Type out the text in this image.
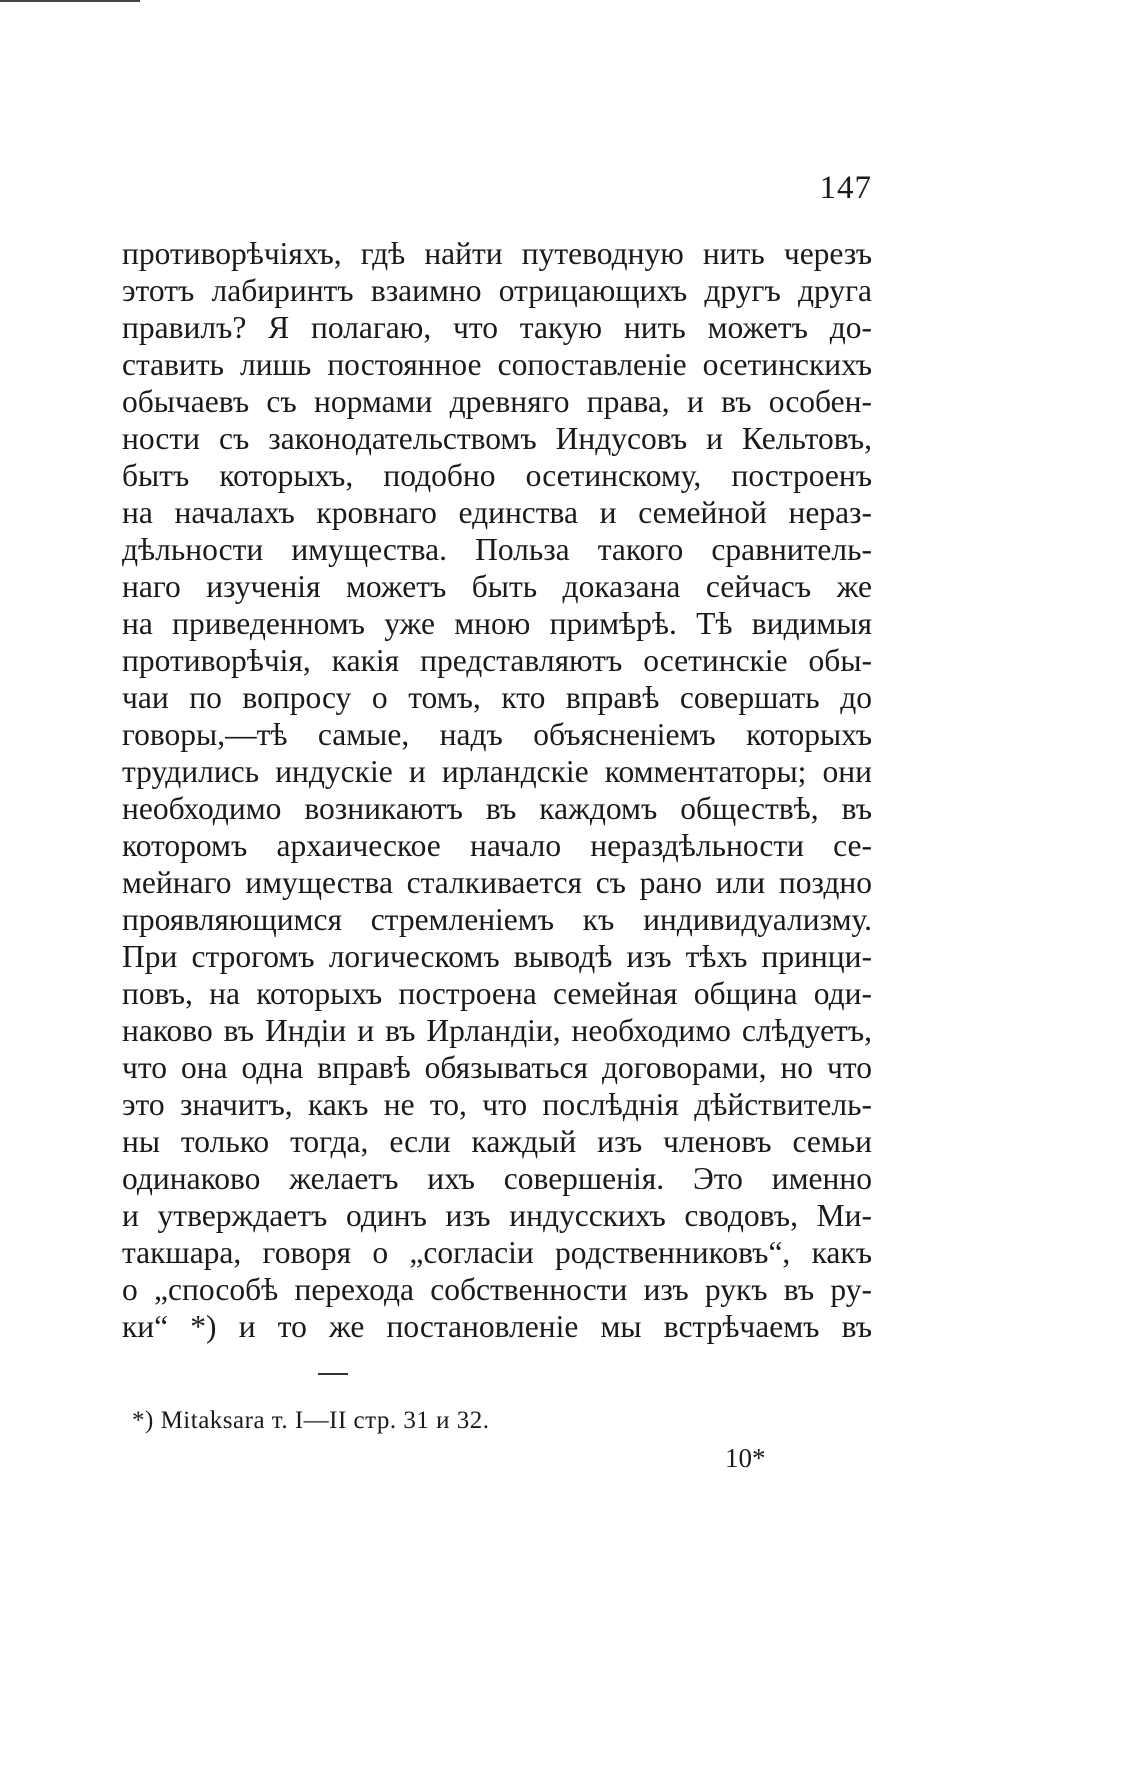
147
противорѣчіяхъ, гдѣ найти путеводную нить черезъ
этотъ лабиринтъ взаимно отрицающихъ другъ друга
правилъ? Я полагаю, что такую нить можетъ до-
ставить лишь постоянное сопоставленіе осетинскихъ
обычаевъ съ нормами древняго права, и въ особен-
ности съ законодательствомъ Индусовъ и Кельтовъ,
бытъ которыхъ, подобно осетинскому, построенъ
на началахъ кровнаго единства и семейной нераз-
дѣльности имущества. Польза такого сравнитель-
наго изученія можетъ быть доказана сейчасъ же
на приведенномъ уже мною примѣрѣ. Тѣ видимыя
противорѣчія, какія представляютъ осетинскіе обы-
чаи по вопросу о томъ, кто вправѣ совершать до
говоры,—тѣ самые, надъ объясненіемъ которыхъ
трудились индускіе и ирландскіе комментаторы; они
необходимо возникаютъ въ каждомъ обществѣ, въ
которомъ архаическое начало нераздѣльности се-
мейнаго имущества сталкивается съ рано или поздно
проявляющимся стремленіемъ къ индивидуализму.
При строгомъ логическомъ выводѣ изъ тѣхъ принци-
повъ, на которыхъ построена семейная община оди-
наково въ Индіи и въ Ирландіи, необходимо слѣдуетъ,
что она одна вправѣ обязываться договорами, но что
это значитъ, какъ не то, что послѣднія дѣйствитель-
ны только тогда, если каждый изъ членовъ семьи
одинаково желаетъ ихъ совершенія. Это именно
и утверждаетъ одинъ изъ индусскихъ сводовъ, Ми-
такшара, говоря о „согласіи родственниковъ“, какъ
о „способѣ перехода собственности изъ рукъ въ ру-
ки“ *) и то же постановленіе мы встрѣчаемъ въ
*) Mitaksara т. I—II стр. 31 и 32.
10*
